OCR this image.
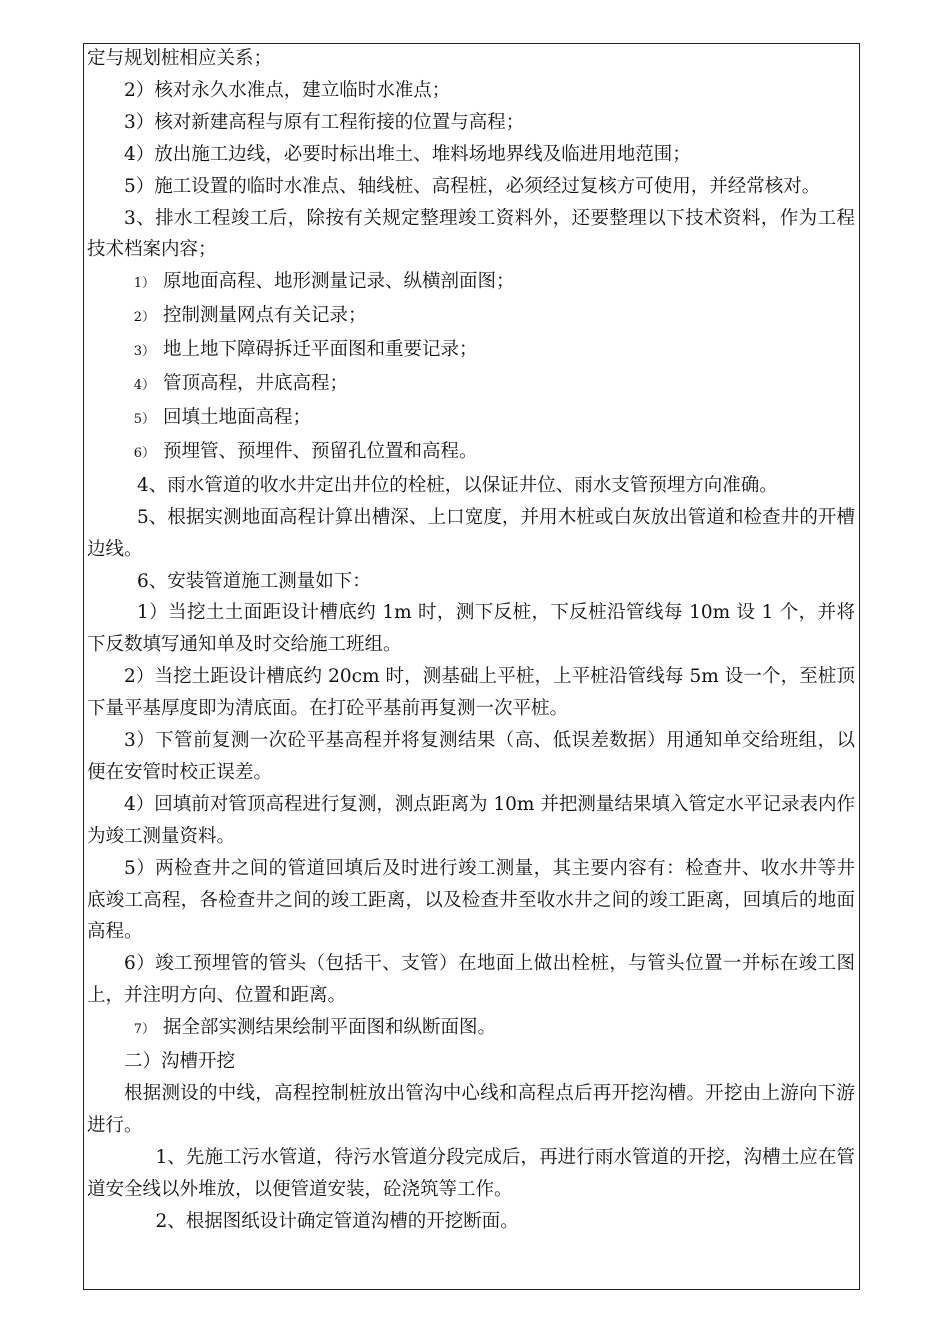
定与规划桩相应关系；

2）核对永久水准点，建立临时水准点；

3）核对新建高程与原有工程衔接的位置与高程；

4）放出施工边线，必要时标出堆土、堆料场地界线及临进用地范围；

5）施工设置的临时水准点、轴线桩、高程桩，必须经过复核方可使用，并经常核对。

3、排水工程竣工后，除按有关规定整理竣工资料外，还要整理以下技术资料，作为工程技术档案内容；

1） 原地面高程、地形测量记录、纵横剖面图；

2） 控制测量网点有关记录；

3） 地上地下障碍拆迁平面图和重要记录；

4） 管顶高程，井底高程；

5） 回填土地面高程；

6） 预埋管、预埋件、预留孔位置和高程。

4、雨水管道的收水井定出井位的栓桩，以保证井位、雨水支管预埋方向准确。

5、根据实测地面高程计算出槽深、上口宽度，并用木桩或白灰放出管道和检查井的开槽边线。

6、安装管道施工测量如下：

1）当挖土土面距设计槽底约 1m 时，测下反桩，下反桩沿管线每 10m 设 1 个，并将下反数填写通知单及时交给施工班组。

2）当挖土距设计槽底约 20cm 时，测基础上平桩，上平桩沿管线每 5m 设一个，至桩顶下量平基厚度即为清底面。在打砼平基前再复测一次平桩。

3）下管前复测一次砼平基高程并将复测结果（高、低误差数据）用通知单交给班组，以便在安管时校正误差。

4）回填前对管顶高程进行复测，测点距离为 10m 并把测量结果填入管定水平记录表内作为竣工测量资料。

5）两检查井之间的管道回填后及时进行竣工测量，其主要内容有：检查井、收水井等井底竣工高程，各检查井之间的竣工距离，以及检查井至收水井之间的竣工距离，回填后的地面高程。

6）竣工预埋管的管头（包括干、支管）在地面上做出栓桩，与管头位置一并标在竣工图上，并注明方向、位置和距离。

7） 据全部实测结果绘制平面图和纵断面图。

二）沟槽开挖

根据测设的中线，高程控制桩放出管沟中心线和高程点后再开挖沟槽。开挖由上游向下游进行。

1、先施工污水管道，待污水管道分段完成后，再进行雨水管道的开挖，沟槽土应在管道安全线以外堆放，以便管道安装，砼浇筑等工作。

2、根据图纸设计确定管道沟槽的开挖断面。
